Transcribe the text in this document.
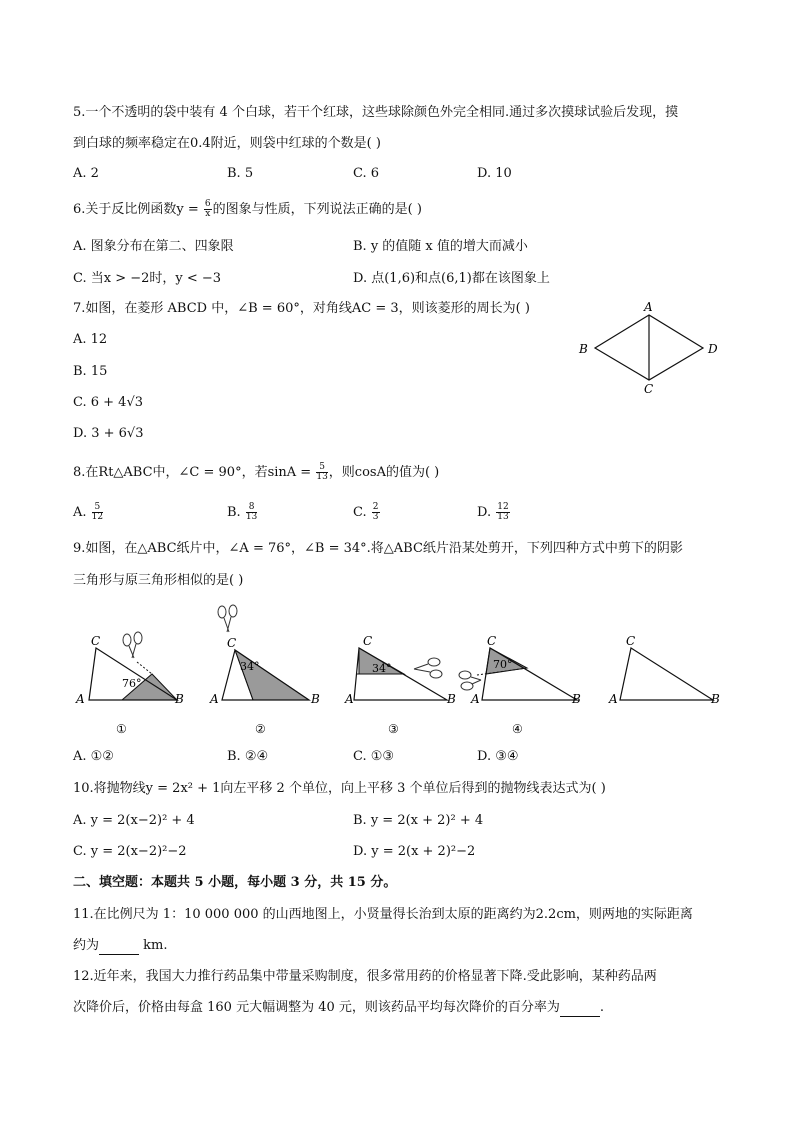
5.一个不透明的袋中装有 4 个白球，若干个红球，这些球除颜色外完全相同.通过多次摸球试验后发现，摸
到白球的频率稳定在0.4附近，则袋中红球的个数是( )
A. 2	B. 5	C. 6	D. 10
6.关于反比例函数$y = \frac{6}{x}$ 的图象与性质，下列说法正确的是( )
A. 图象分布在第二、四象限	B. y 的值随 x 值的增大而减小
C. 当x > −2时，y < −3	D. 点(1,6)和点(6,1)都在该图象上
7.如图，在菱形 ABCD 中，∠B = 60°，对角线AC = 3，则该菱形的周长为( )
A. 12
B. 15
C. 6 + 4√3
D. 3 + 6√3
A
B
C
D
8.在Rt△ABC中，∠C = 90°，若$\sin A = \frac{5}{13}$ ，则cosA的值为( )
A. $\frac{5}{12}$	B. $\frac{8}{13}$	C. $\frac{2}{3}$	D. $\frac{12}{13}$
9.如图，在△ABC纸片中，∠A = 76°，∠B = 34°.将△ABC纸片沿某处剪开，下列四种方式中剪下的阴影
三角形与原三角形相似的是( )
76°
A
C
B
①
34°
A
C
B
②
34°
A
C
B
③
70°
A
C
B
④
A
C
B
A. ①②	B. ②④	C. ①③	D. ③④
10.将抛物线y = 2x² + 1向左平移 2 个单位，向上平移 3 个单位后得到的抛物线表达式为( )
A. y = 2(x−2)² + 4	B. y = 2(x + 2)² + 4
C. y = 2(x−2)²−2	D. y = 2(x + 2)²−2
二、填空题：本题共 5 小题，每小题 3 分，共 15 分。
11.在比例尺为 1：10 000 000 的山西地图上，小贤量得长治到太原的距离约为2.2cm，则两地的实际距离
约为	km.
12.近年来，我国大力推行药品集中带量采购制度，很多常用药的价格显著下降.受此影响，某种药品两
次降价后，价格由每盒 160 元大幅调整为 40 元，则该药品平均每次降价的百分率为	.
